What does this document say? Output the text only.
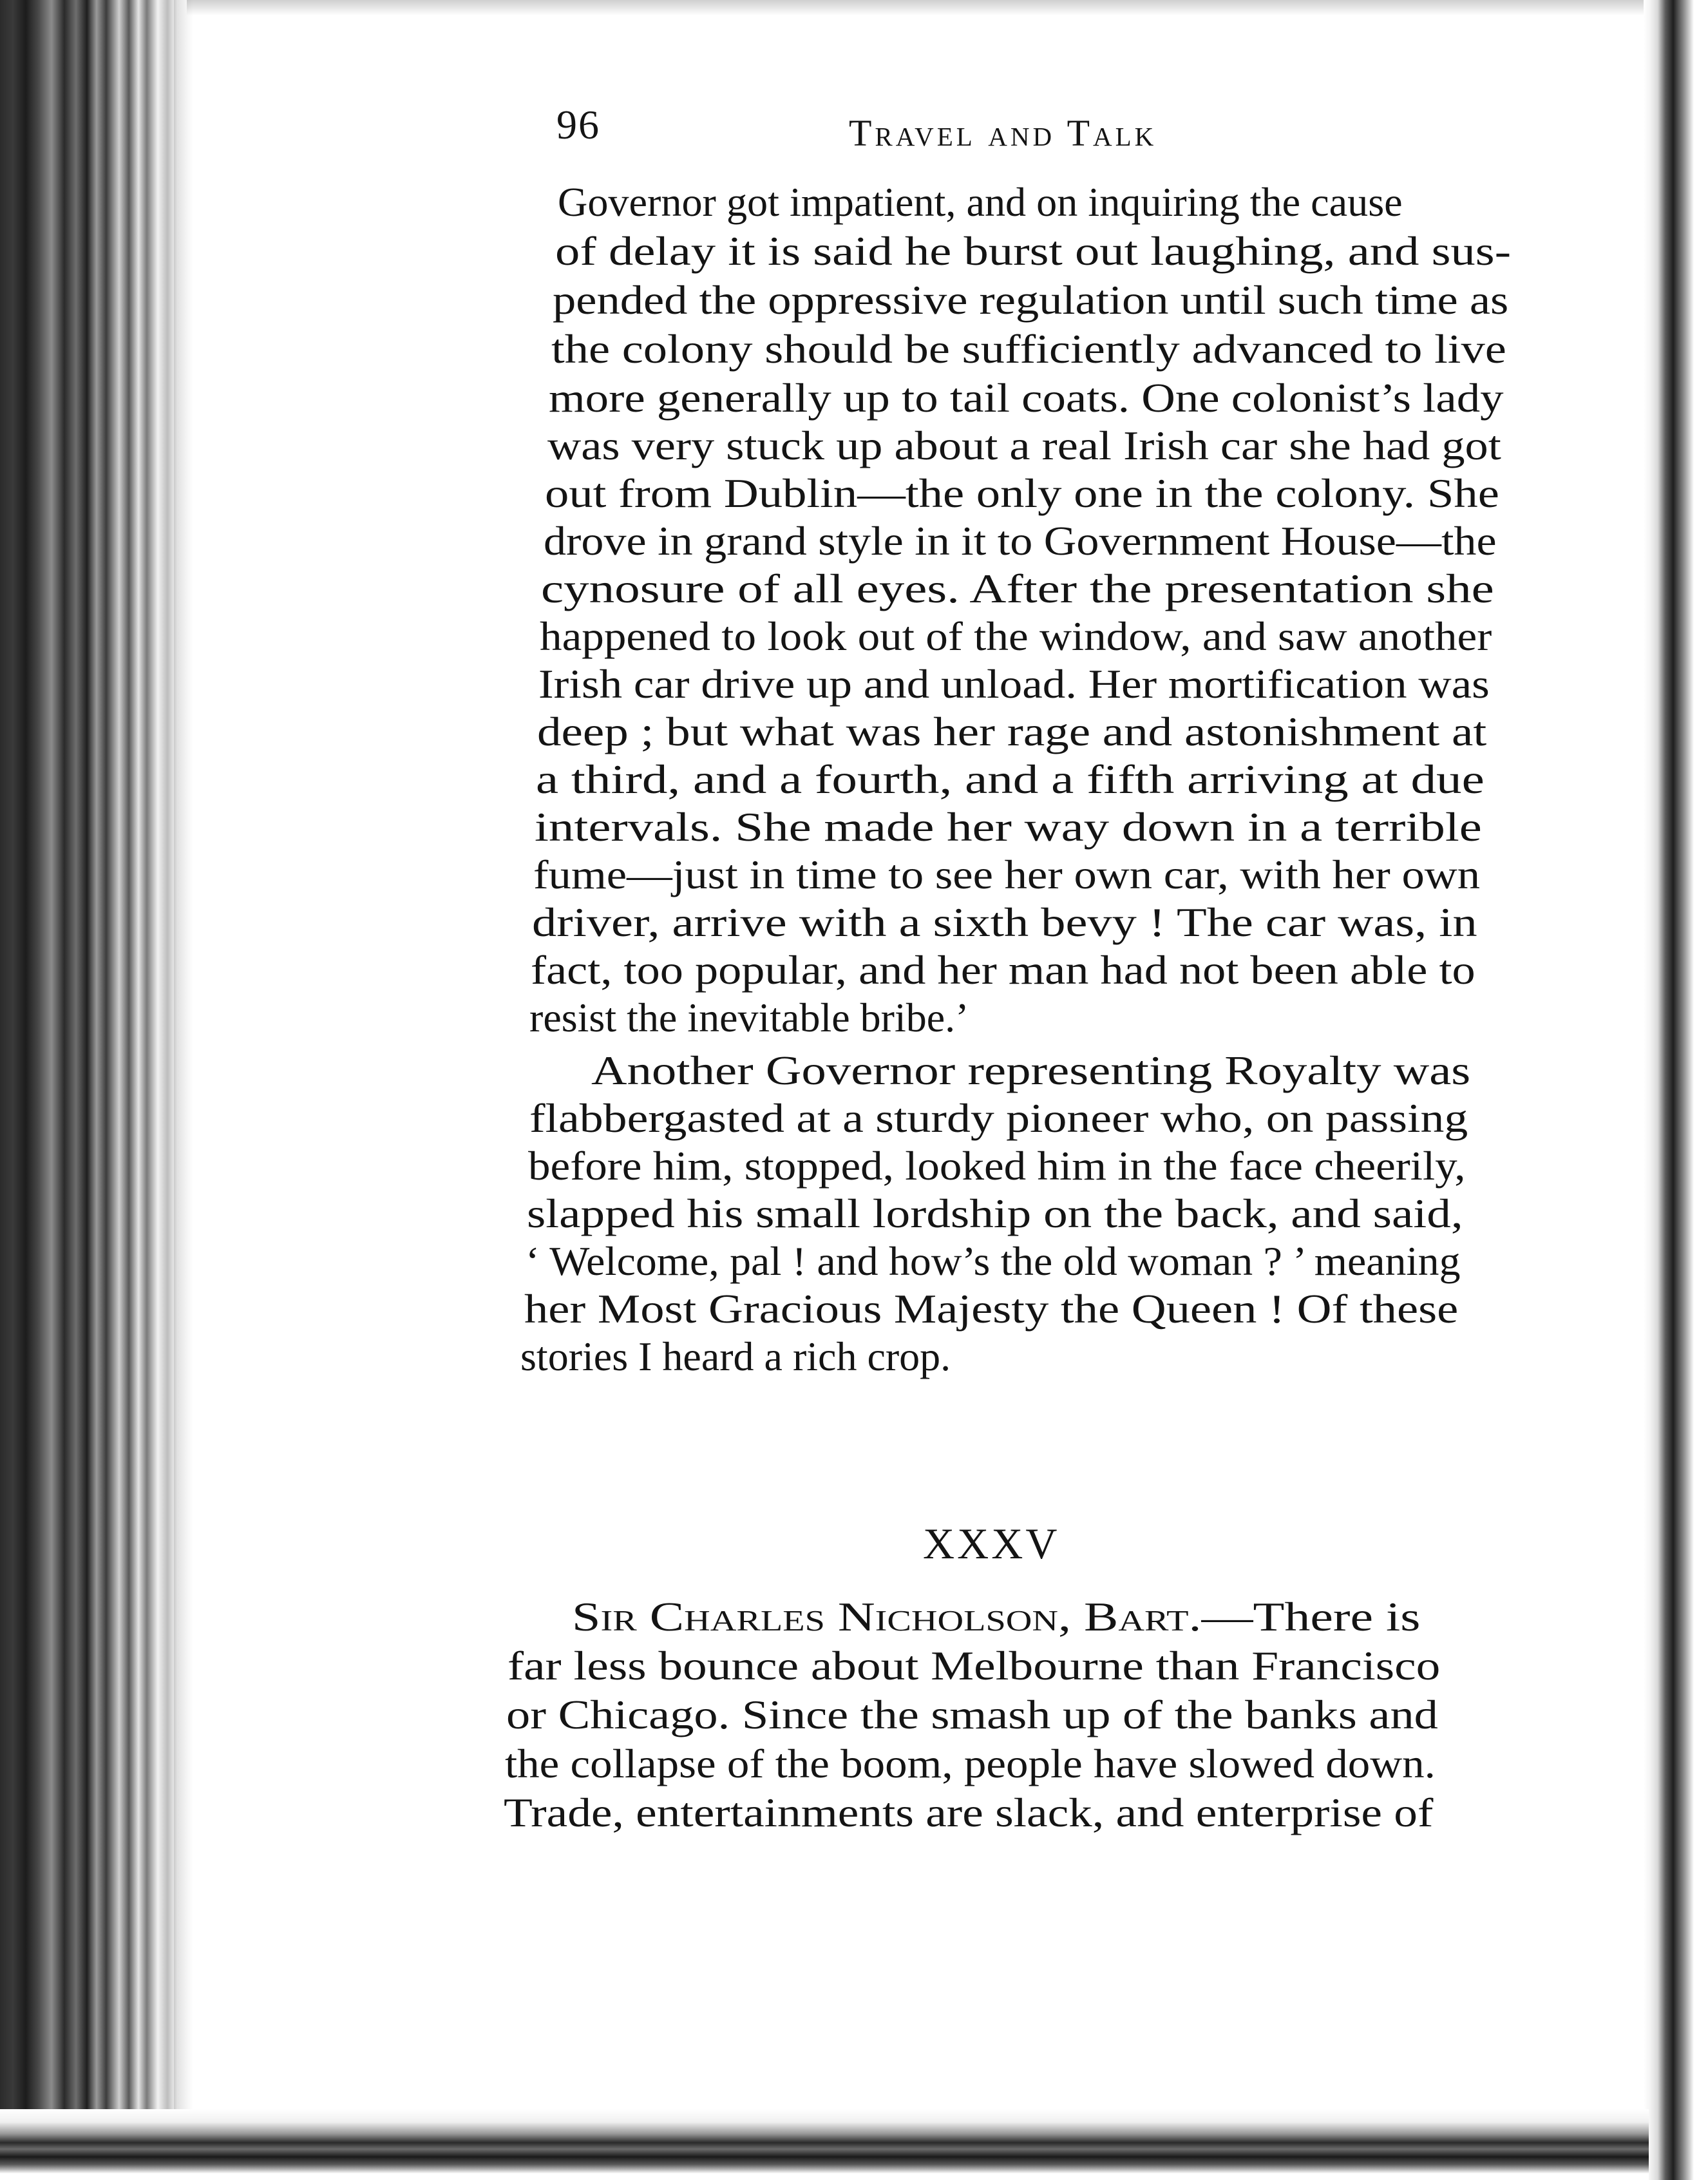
96	Travel and Talk
Governor got impatient, and on inquiring the cause
of delay it is said he burst out laughing, and sus-
pended the oppressive regulation until such time as
the colony should be sufficiently advanced to live
more generally up to tail coats. One colonist’s lady
was very stuck up about a real Irish car she had got
out from Dublin—the only one in the colony. She
drove in grand style in it to Government House—the
cynosure of all eyes. After the presentation she
happened to look out of the window, and saw another
Irish car drive up and unload. Her mortification was
deep ; but what was her rage and astonishment at
a third, and a fourth, and a fifth arriving at due
intervals. She made her way down in a terrible
fume—just in time to see her own car, with her own
driver, arrive with a sixth bevy ! The car was, in
fact, too popular, and her man had not been able to
resist the inevitable bribe.’
Another Governor representing Royalty was
flabbergasted at a sturdy pioneer who, on passing
before him, stopped, looked him in the face cheerily,
slapped his small lordship on the back, and said,
‘ Welcome, pal ! and how’s the old woman ? ’ meaning
her Most Gracious Majesty the Queen ! Of these
stories I heard a rich crop.
XXXV
Sir Charles Nicholson, Bart.—There is
far less bounce about Melbourne than Francisco
or Chicago. Since the smash up of the banks and
the collapse of the boom, people have slowed down.
Trade, entertainments are slack, and enterprise of
